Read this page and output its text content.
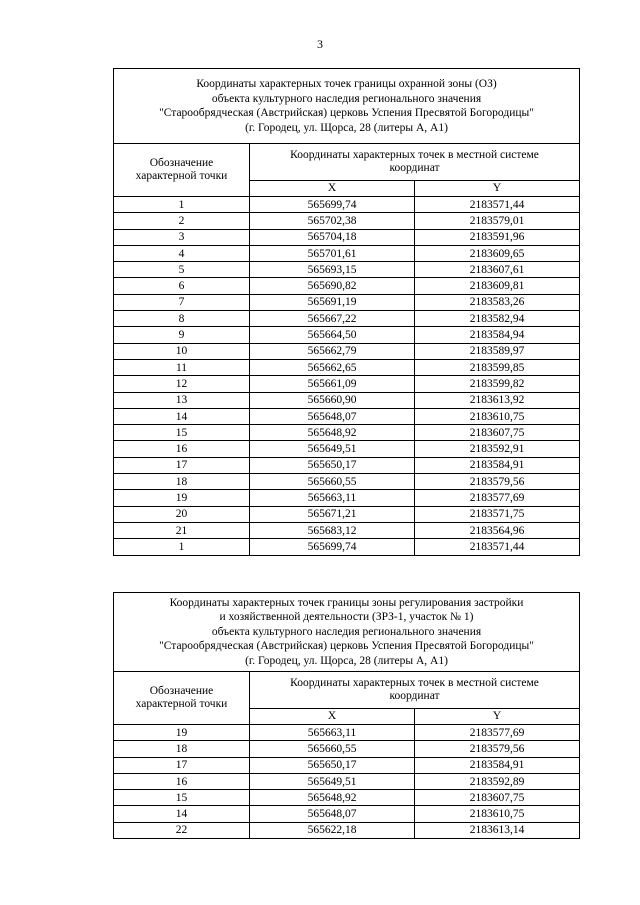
3
Координаты характерных точек границы охранной зоны (ОЗ)
объекта культурного наследия регионального значения
"Старообрядческая (Австрийская) церковь Успения Пресвятой Богородицы"
(г. Городец, ул. Щорса, 28 (литеры А, А1)		

Обозначение характерной точки	Координаты характерных точек в местной системе координат	
	X	Y
1	565699,74	2183571,44
2	565702,38	2183579,01
3	565704,18	2183591,96
4	565701,61	2183609,65
5	565693,15	2183607,61
6	565690,82	2183609,81
7	565691,19	2183583,26
8	565667,22	2183582,94
9	565664,50	2183584,94
10	565662,79	2183589,97
11	565662,65	2183599,85
12	565661,09	2183599,82
13	565660,90	2183613,92
14	565648,07	2183610,75
15	565648,92	2183607,75
16	565649,51	2183592,91
17	565650,17	2183584,91
18	565660,55	2183579,56
19	565663,11	2183577,69
20	565671,21	2183571,75
21	565683,12	2183564,96
1	565699,74	2183571,44
Координаты характерных точек границы зоны регулирования застройки
и хозяйственной деятельности (ЗРЗ-1, участок № 1)
объекта культурного наследия регионального значения
"Старообрядческая (Австрийская) церковь Успения Пресвятой Богородицы"
(г. Городец, ул. Щорса, 28 (литеры А, А1)		

Обозначение характерной точки	Координаты характерных точек в местной системе координат	
	X	Y
19	565663,11	2183577,69
18	565660,55	2183579,56
17	565650,17	2183584,91
16	565649,51	2183592,89
15	565648,92	2183607,75
14	565648,07	2183610,75
22	565622,18	2183613,14
